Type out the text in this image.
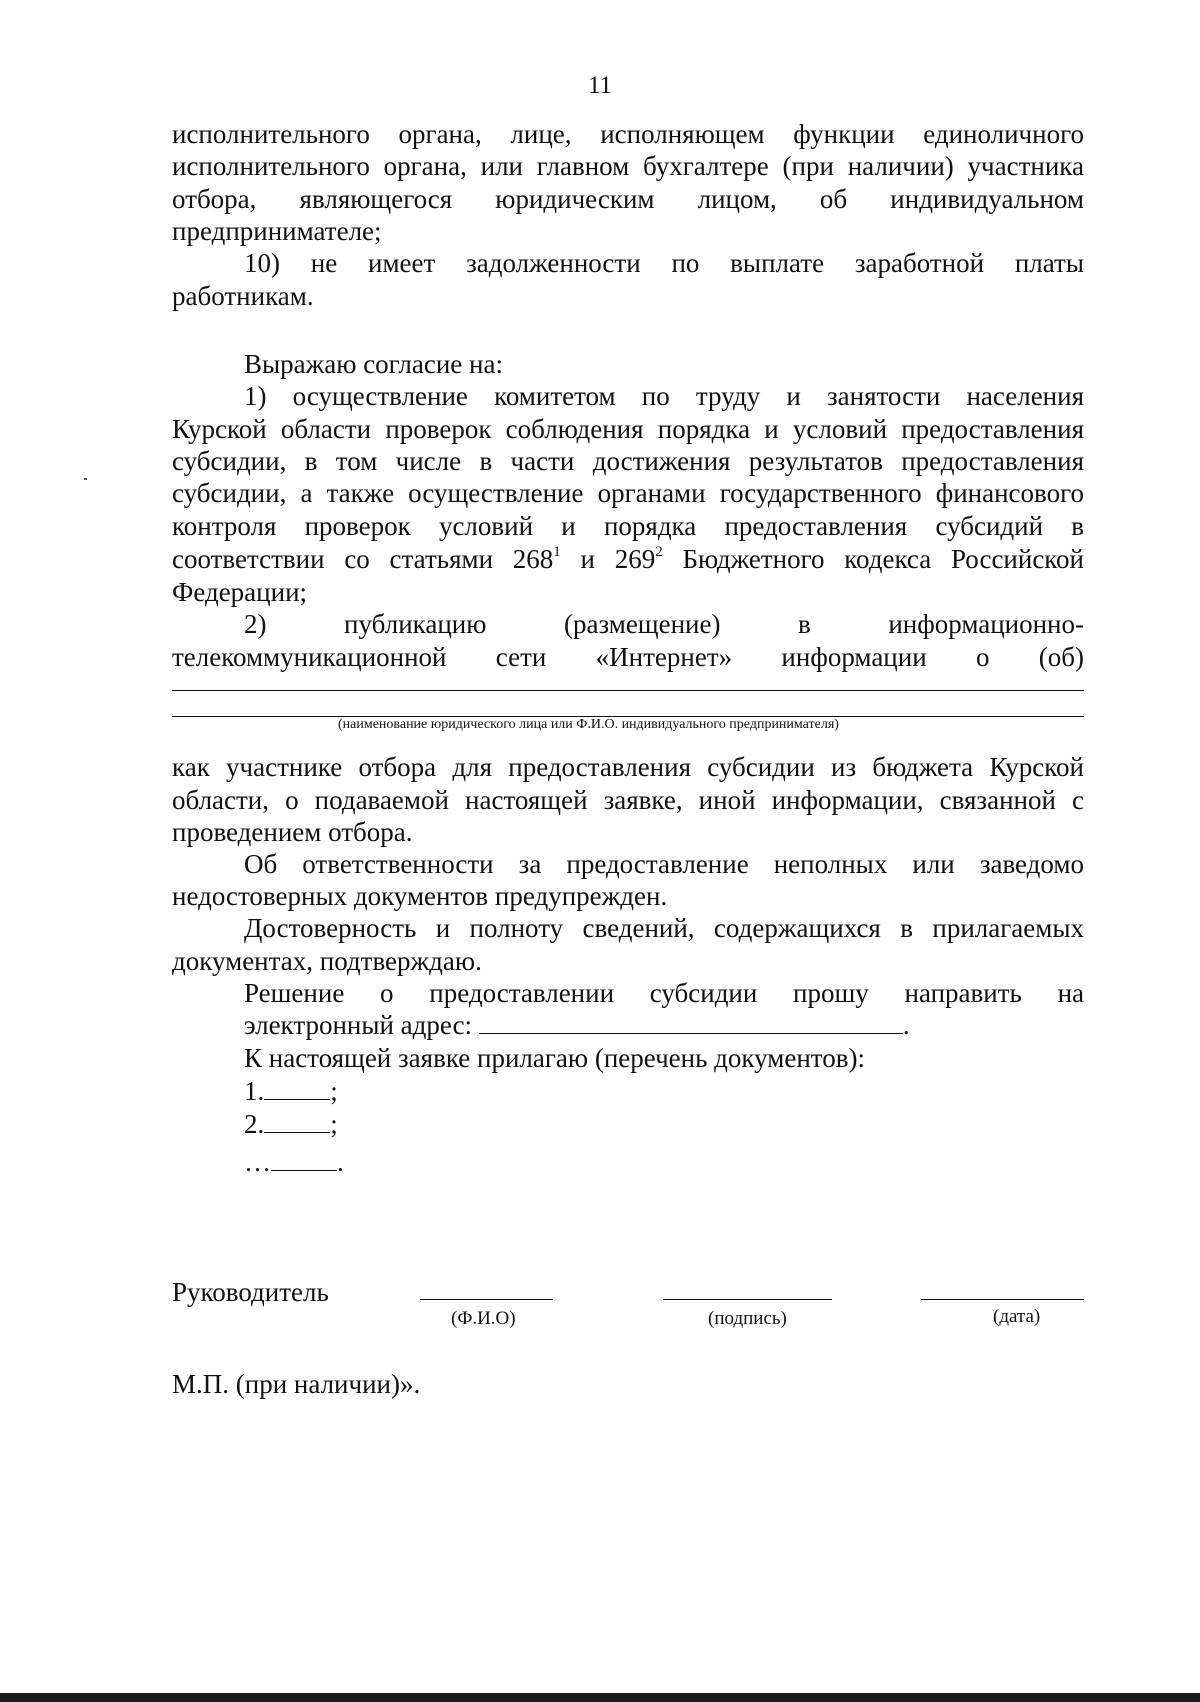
11
исполнительного органа, лице, исполняющем функции единоличного
исполнительного органа, или главном бухгалтере (при наличии) участника
отбора, являющегося юридическим лицом, об индивидуальном
предпринимателе;
10) не имеет задолженности по выплате заработной платы
работникам.
Выражаю согласие на:
1) осуществление комитетом по труду и занятости населения
Курской области проверок соблюдения порядка и условий предоставления
субсидии, в том числе в части достижения результатов предоставления
субсидии, а также осуществление органами государственного финансового
контроля проверок условий и порядка предоставления субсидий в
соответствии со статьями $268^1$ и $269^2$ Бюджетного кодекса Российской
Федерации;
2) публикацию (размещение) в информационно-
телекоммуникационной сети «Интернет» информации о (об)
(наименование юридического лица или Ф.И.О. индивидуального предпринимателя)
как участнике отбора для предоставления субсидии из бюджета Курской
области, о подаваемой настоящей заявке, иной информации, связанной с
проведением отбора.
Об ответственности за предоставление неполных или заведомо
недостоверных документов предупрежден.
Достоверность и полноту сведений, содержащихся в прилагаемых
документах, подтверждаю.
Решение о предоставлении субсидии прошу направить на
электронный адрес:	.
К настоящей заявке прилагаю (перечень документов):
1. ;
2. ;
… .
Руководитель
(Ф.И.О)	(подпись)	(дата)
М.П. (при наличии)».
